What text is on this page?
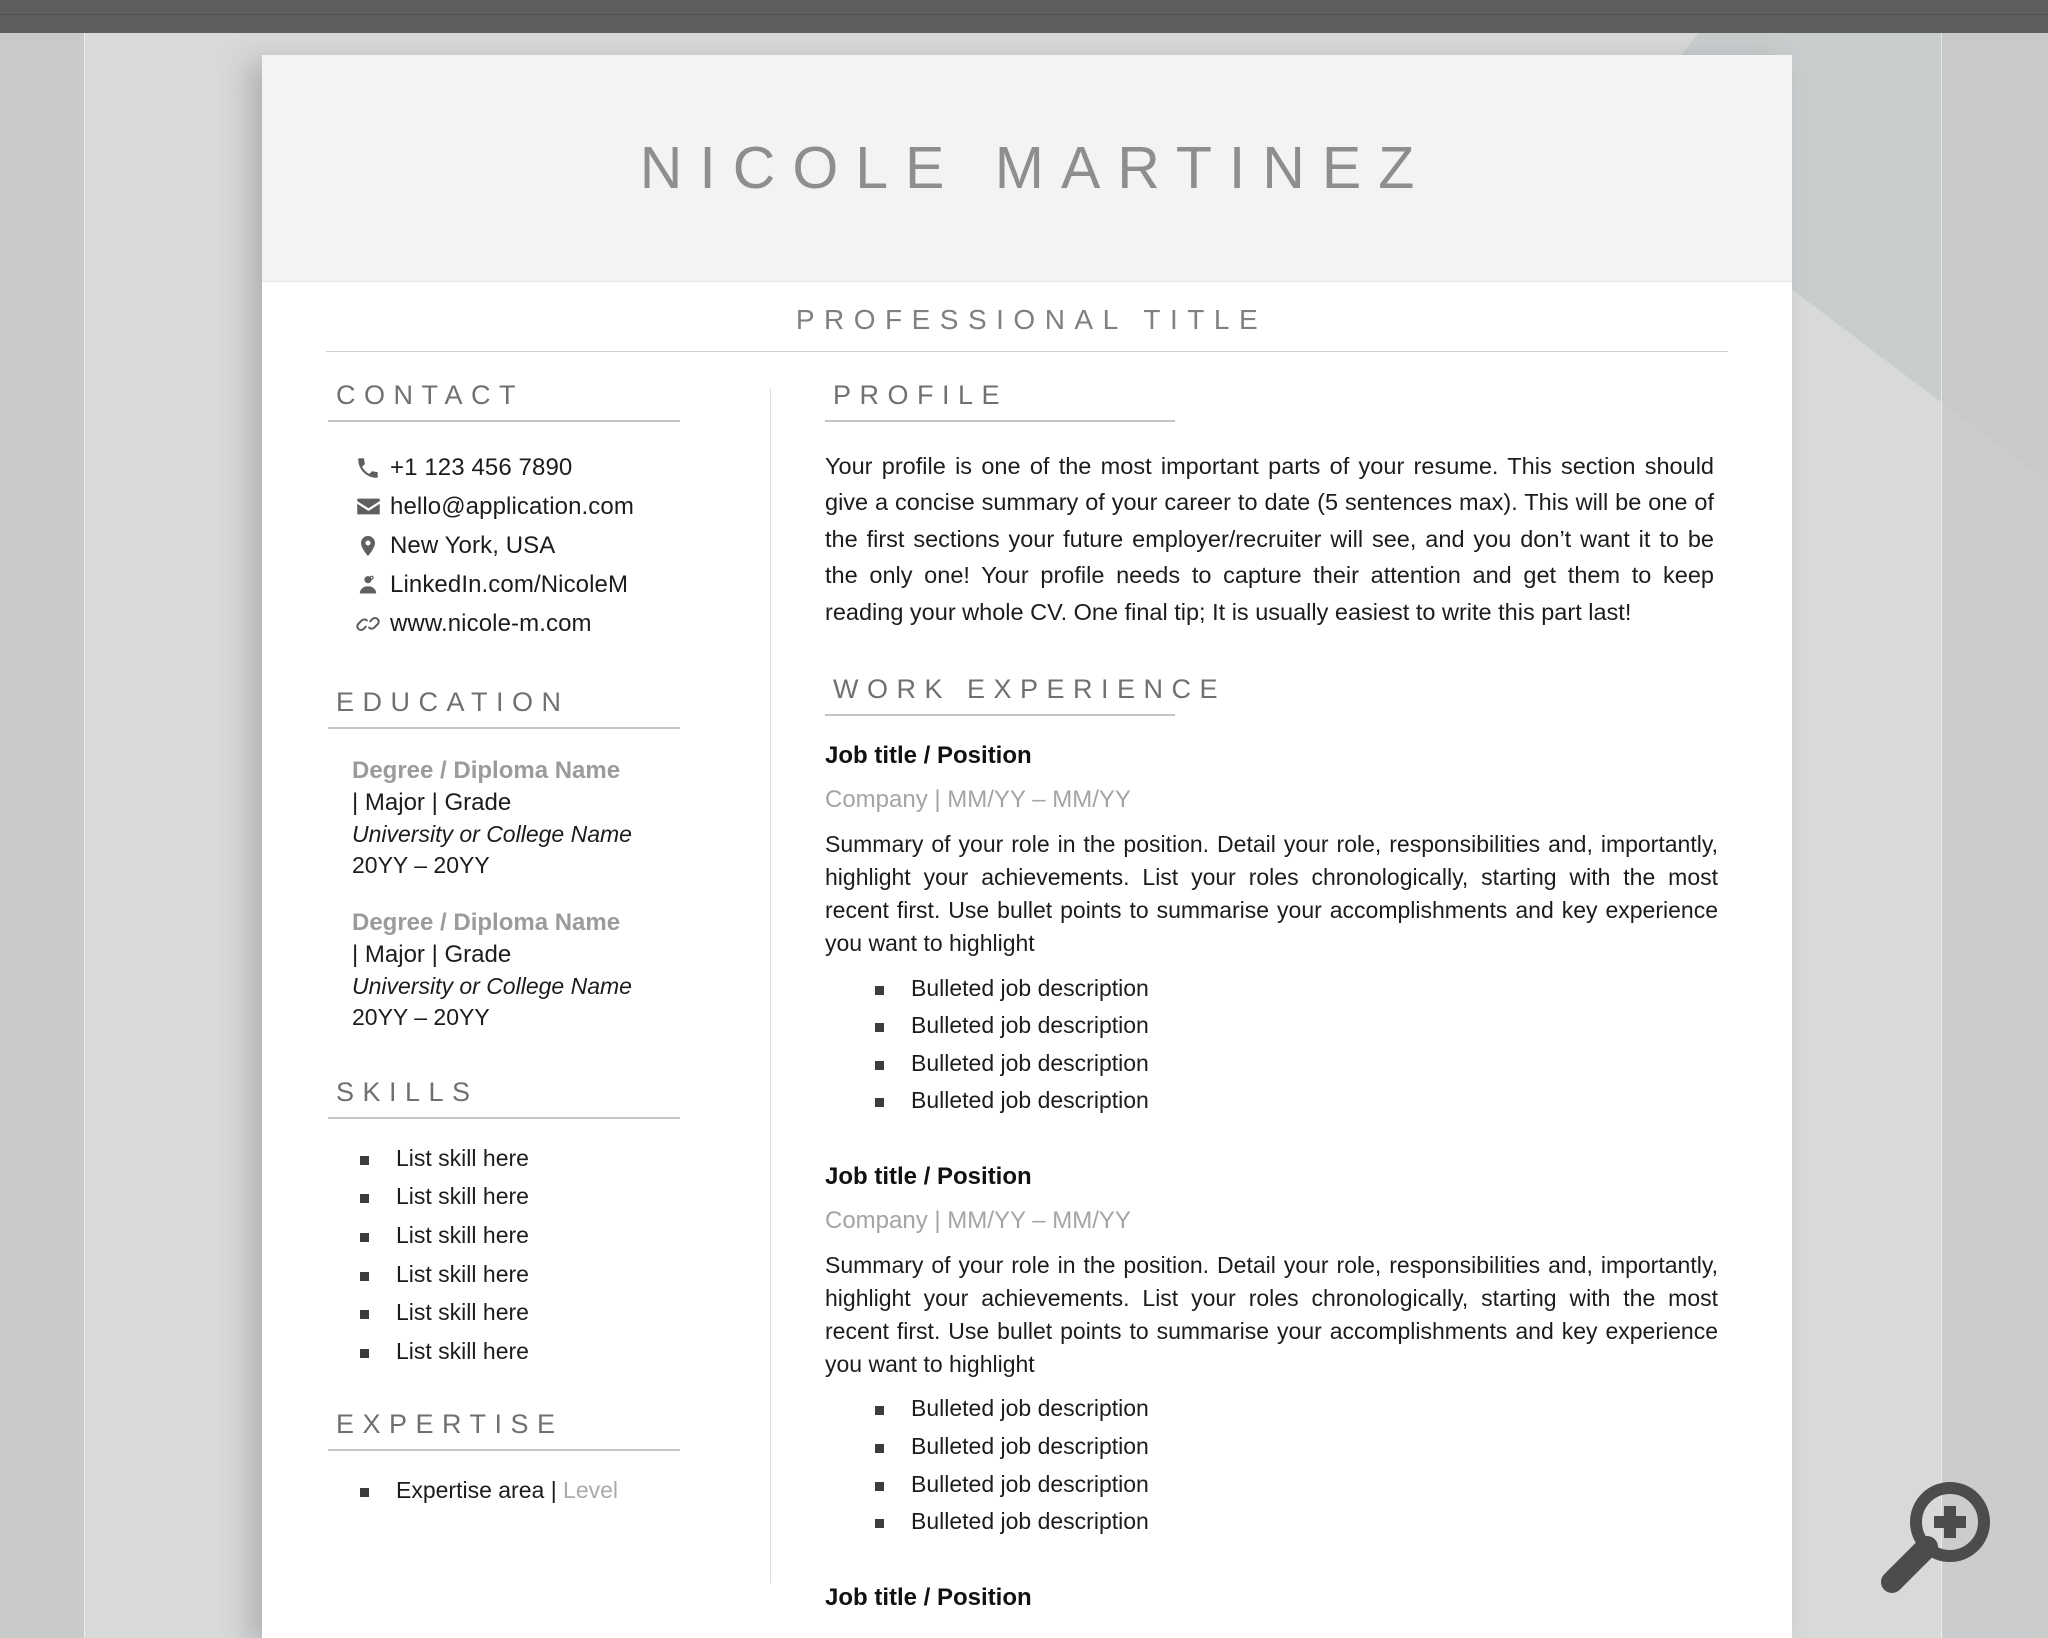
NICOLE MARTINEZ
PROFESSIONAL TITLE
CONTACT
+1 123 456 7890
hello@application.com
New York, USA
LinkedIn.com/NicoleM
www.nicole-m.com
EDUCATION
Degree / Diploma Name
| Major | Grade
University or College Name
20YY – 20YY
Degree / Diploma Name
| Major | Grade
University or College Name
20YY – 20YY
SKILLS
List skill here
List skill here
List skill here
List skill here
List skill here
List skill here
EXPERTISE
Expertise area | Level
PROFILE

Your profile is one of the most important parts of your resume. This section should give a concise summary of your career to date (5 sentences max). This will be one of the first sections your future employer/recruiter will see, and you don’t want it to be the only one! Your profile needs to capture their attention and get them to keep reading your whole CV. One final tip; It is usually easiest to write this part last!

WORK EXPERIENCE
Job title / Position
Company | MM/YY – MM/YY
Summary of your role in the position. Detail your role, responsibilities and, importantly, highlight your achievements. List your roles chronologically, starting with the most recent first. Use bullet points to summarise your accomplishments and key experience you want to highlight
Bulleted job description
Bulleted job description
Bulleted job description
Bulleted job description
Job title / Position
Company | MM/YY – MM/YY
Summary of your role in the position. Detail your role, responsibilities and, importantly, highlight your achievements. List your roles chronologically, starting with the most recent first. Use bullet points to summarise your accomplishments and key experience you want to highlight
Bulleted job description
Bulleted job description
Bulleted job description
Bulleted job description
Job title / Position
